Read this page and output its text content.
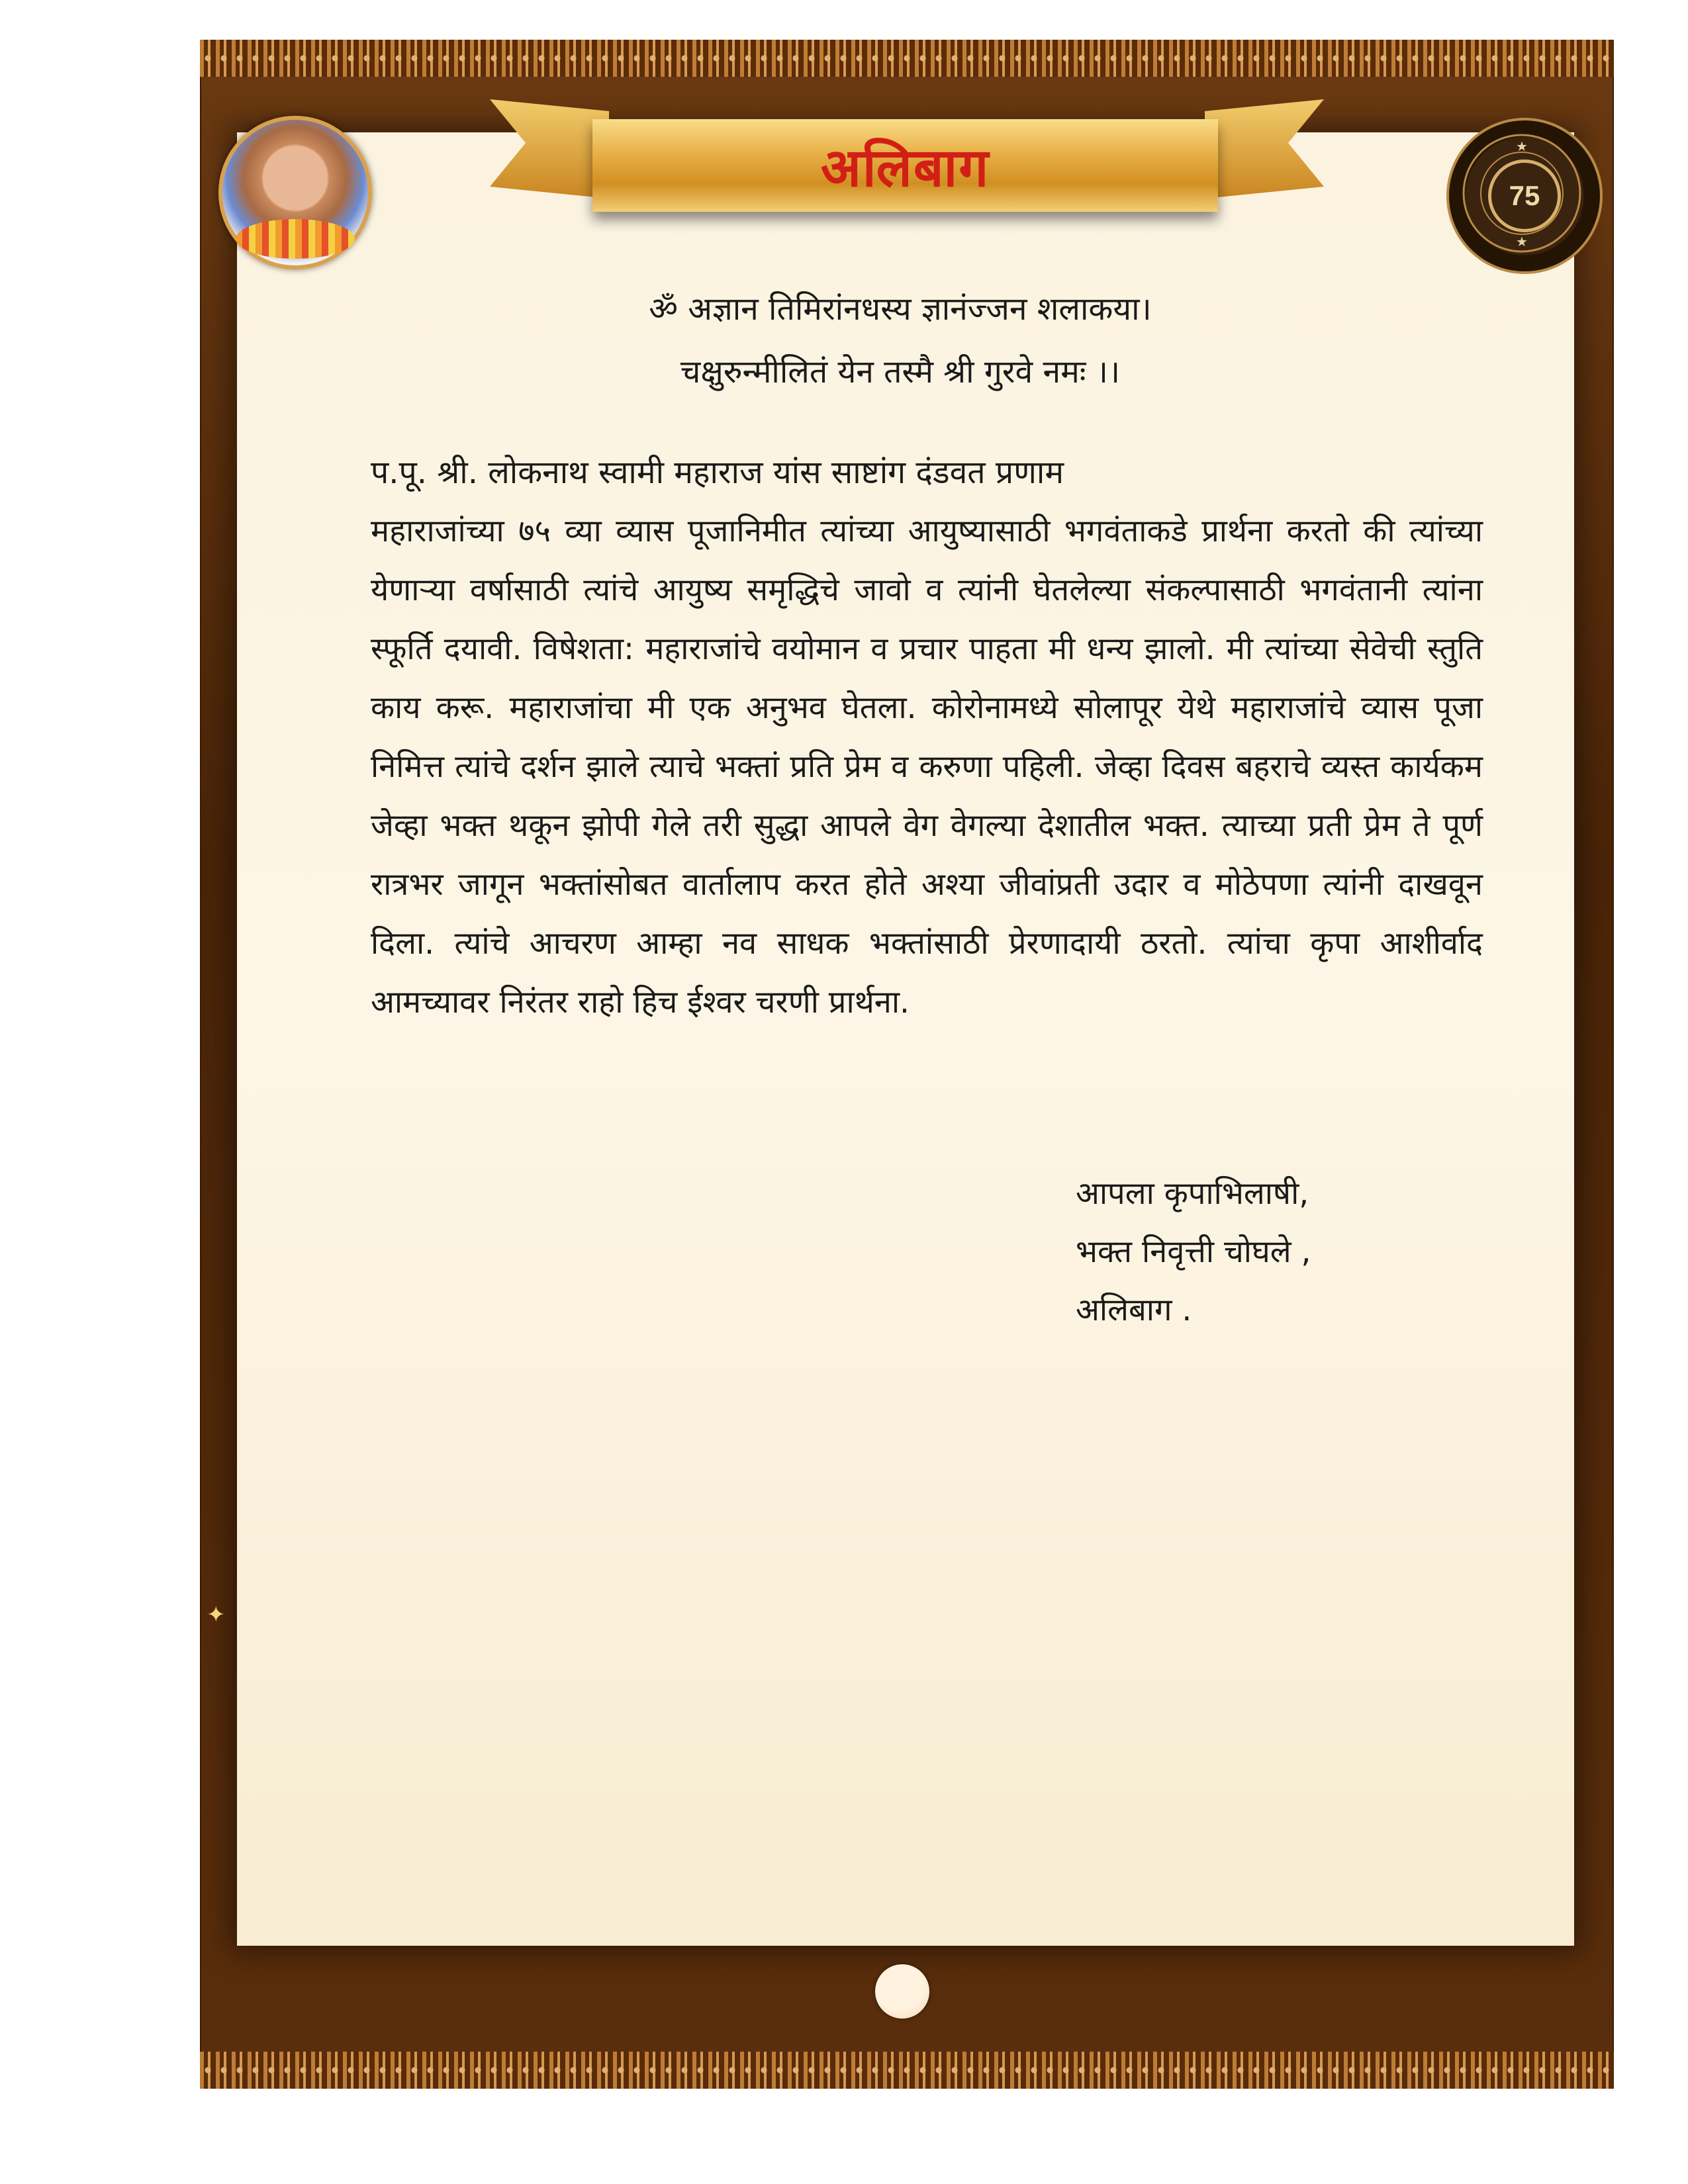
★
★
75
अलिबाग
ॐ अज्ञान तिमिरांनधस्य ज्ञानंज्जन शलाकया।
चक्षुरुन्मीलितं येन तस्मै श्री गुरवे नमः ।।
प.पू. श्री. लोकनाथ स्वामी महाराज यांस साष्टांग दंडवत प्रणाम

महाराजांच्या ७५ व्या व्यास पूजानिमीत त्यांच्या आयुष्यासाठी भगवंताकडे प्रार्थना करतो की त्यांच्या येणाऱ्या वर्षासाठी त्यांचे आयुष्य समृद्धिचे जावो व त्यांनी घेतलेल्या संकल्पासाठी भगवंतानी त्यांना स्फूर्ति दयावी. विषेशता: महाराजांचे वयोमान व प्रचार पाहता मी धन्य झालो. मी त्यांच्या सेवेची स्तुति काय करू. महाराजांचा मी एक अनुभव घेतला. कोरोनामध्ये सोलापूर येथे महाराजांचे व्यास पूजा निमित्त त्यांचे दर्शन झाले त्याचे भक्तां प्रति प्रेम व करुणा पहिली. जेव्हा दिवस बहराचे व्यस्त कार्यकम जेव्हा भक्त थकून झोपी गेले तरी सुद्धा आपले वेग वेगल्या देशातील भक्त. त्याच्या प्रती प्रेम ते पूर्ण रात्रभर जागून भक्तांसोबत वार्तालाप करत होते अश्या जीवांप्रती उदार व मोठेपणा त्यांनी दाखवून दिला. त्यांचे आचरण आम्हा नव साधक भक्तांसाठी प्रेरणादायी ठरतो. त्यांचा कृपा आशीर्वाद आमच्यावर निरंतर राहो हिच ईश्वर चरणी प्रार्थना.

आपला कृपाभिलाषी,
भक्त निवृत्ती चोघले ,
अलिबाग .
✦
